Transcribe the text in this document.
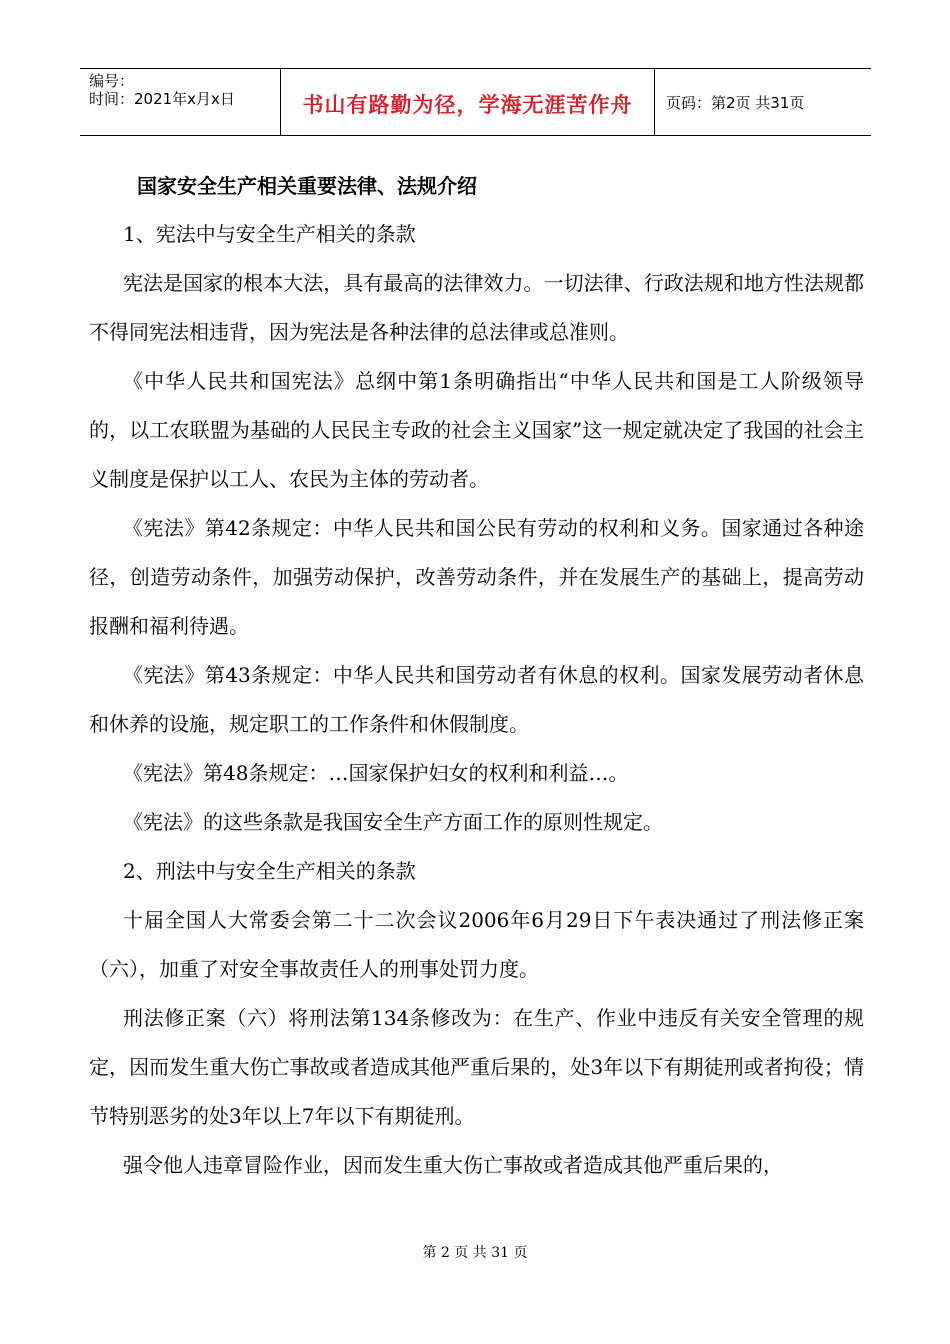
编号：
时间：2021年x月x日	书山有路勤为径，学海无涯苦作舟	页码：第2页 共31页
国家安全生产相关重要法律、法规介绍

1、宪法中与安全生产相关的条款

宪法是国家的根本大法，具有最高的法律效力。一切法律、行政法规和地方性法规都不得同宪法相违背，因为宪法是各种法律的总法律或总准则。

《中华人民共和国宪法》总纲中第1条明确指出“中华人民共和国是工人阶级领导的，以工农联盟为基础的人民民主专政的社会主义国家”这一规定就决定了我国的社会主义制度是保护以工人、农民为主体的劳动者。

《宪法》第42条规定：中华人民共和国公民有劳动的权利和义务。国家通过各种途径，创造劳动条件，加强劳动保护，改善劳动条件，并在发展生产的基础上，提高劳动报酬和福利待遇。

《宪法》第43条规定：中华人民共和国劳动者有休息的权利。国家发展劳动者休息和休养的设施，规定职工的工作条件和休假制度。

《宪法》第48条规定：…国家保护妇女的权利和利益…。

《宪法》的这些条款是我国安全生产方面工作的原则性规定。

2、刑法中与安全生产相关的条款

十届全国人大常委会第二十二次会议2006年6月29日下午表决通过了刑法修正案（六），加重了对安全事故责任人的刑事处罚力度。

刑法修正案（六）将刑法第134条修改为：在生产、作业中违反有关安全管理的规定，因而发生重大伤亡事故或者造成其他严重后果的，处3年以下有期徒刑或者拘役；情节特别恶劣的处3年以上7年以下有期徒刑。

强令他人违章冒险作业，因而发生重大伤亡事故或者造成其他严重后果的，

第 2 页 共 31 页
